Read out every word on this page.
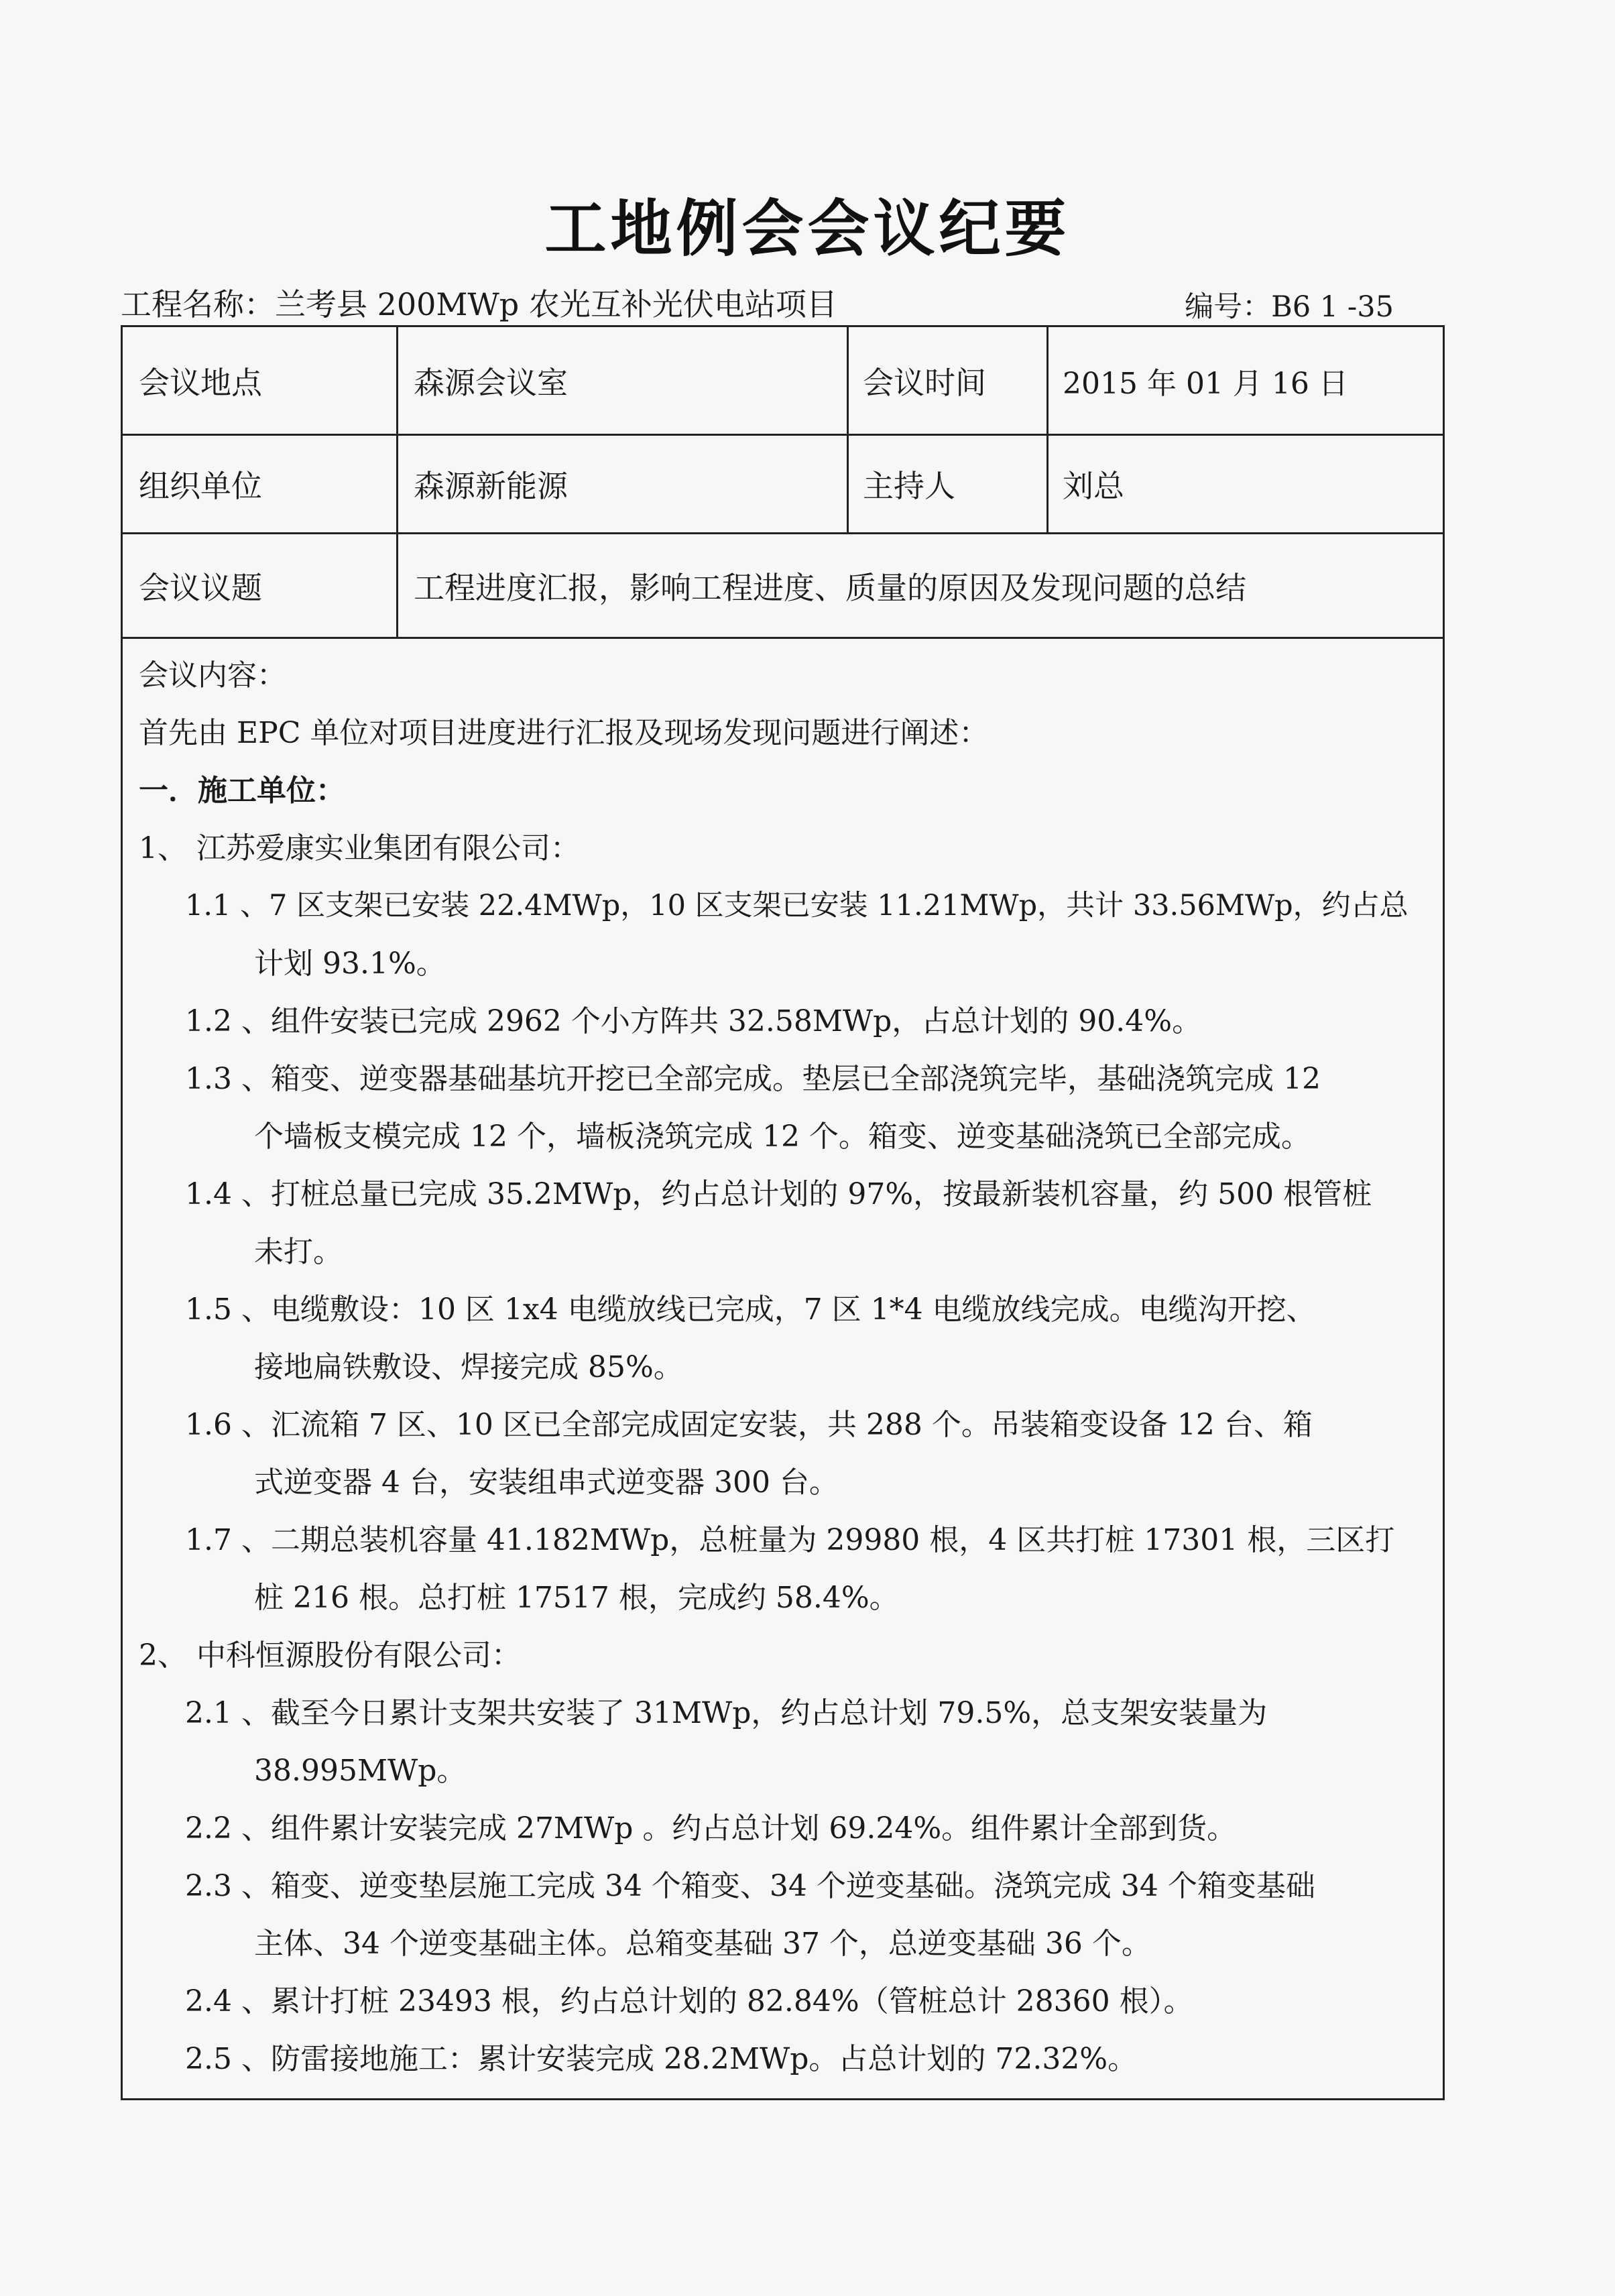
工地例会会议纪要
工程名称：兰考县 200MWp 农光互补光伏电站项目	编号：B6 1 -35
会议地点	森源会议室	会议时间	2015 年 01 月 16 日
组织单位	森源新能源	主持人	刘总
会议议题	工程进度汇报，影响工程进度、质量的原因及发现问题的总结
会议内容：
首先由 EPC 单位对项目进度进行汇报及现场发现问题进行阐述：
一．施工单位：
1、 江苏爱康实业集团有限公司：
1.1 、7 区支架已安装 22.4MWp，10 区支架已安装 11.21MWp，共计 33.56MWp，约占总
计划 93.1%。
1.2 、组件安装已完成 2962 个小方阵共 32.58MWp，占总计划的 90.4%。
1.3 、箱变、逆变器基础基坑开挖已全部完成。垫层已全部浇筑完毕，基础浇筑完成 12
个墙板支模完成 12 个，墙板浇筑完成 12 个。箱变、逆变基础浇筑已全部完成。
1.4 、打桩总量已完成 35.2MWp，约占总计划的 97%，按最新装机容量，约 500 根管桩
未打。
1.5 、电缆敷设：10 区 1x4 电缆放线已完成，7 区 1*4 电缆放线完成。电缆沟开挖、
接地扁铁敷设、焊接完成 85%。
1.6 、汇流箱 7 区、10 区已全部完成固定安装，共 288 个。吊装箱变设备 12 台、箱
式逆变器 4 台，安装组串式逆变器 300 台。
1.7 、二期总装机容量 41.182MWp，总桩量为 29980 根，4 区共打桩 17301 根，三区打
桩 216 根。总打桩 17517 根，完成约 58.4%。
2、 中科恒源股份有限公司：
2.1 、截至今日累计支架共安装了 31MWp，约占总计划 79.5%，总支架安装量为
38.995MWp。
2.2 、组件累计安装完成 27MWp 。约占总计划 69.24%。组件累计全部到货。
2.3 、箱变、逆变垫层施工完成 34 个箱变、34 个逆变基础。浇筑完成 34 个箱变基础
主体、34 个逆变基础主体。总箱变基础 37 个，总逆变基础 36 个。
2.4 、累计打桩 23493 根，约占总计划的 82.84%（管桩总计 28360 根）。
2.5 、防雷接地施工：累计安装完成 28.2MWp。占总计划的 72.32%。
